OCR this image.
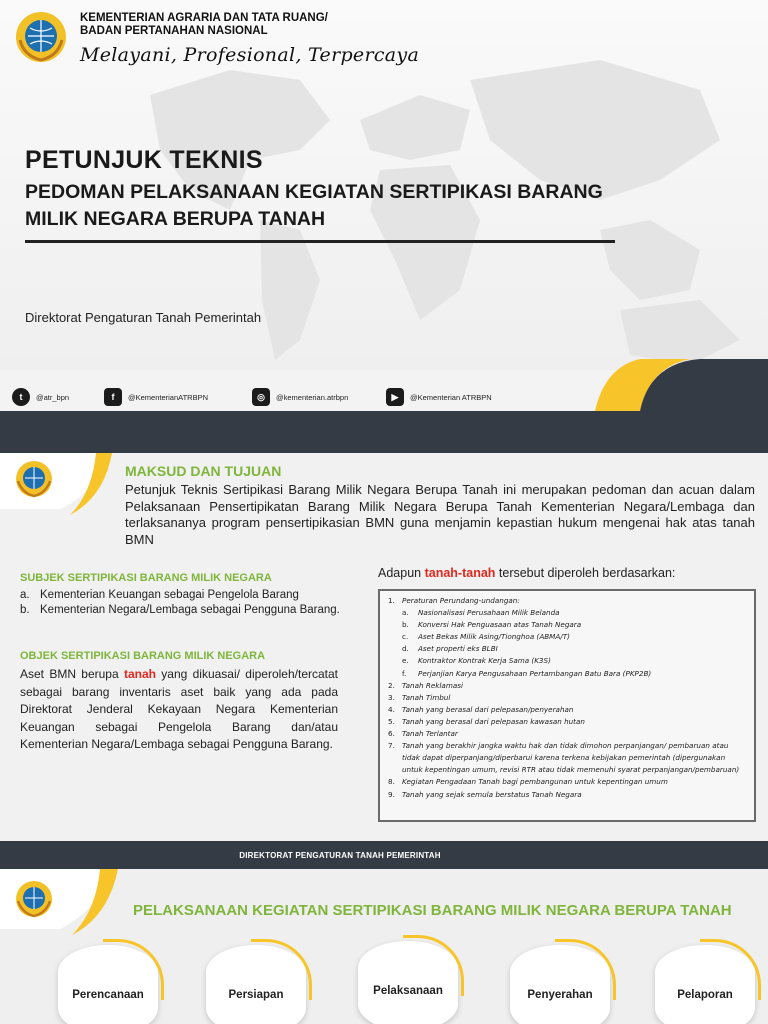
KEMENTERIAN AGRARIA DAN TATA RUANG/
BADAN PERTANAHAN NASIONAL
Melayani, Profesional, Terpercaya
PETUNJUK TEKNIS
PEDOMAN PELAKSANAAN KEGIATAN SERTIPIKASI BARANG
MILIK NEGARA BERUPA TANAH
Direktorat Pengaturan Tanah Pemerintah
t	@atr_bpn	f	@KementerianATRBPN	◎	@kementerian.atrbpn	▶	@Kementerian ATRBPN
MAKSUD DAN TUJUAN
Petunjuk Teknis Sertipikasi Barang Milik Negara Berupa Tanah ini merupakan pedoman dan acuan dalam Pelaksanaan Pensertipikatan Barang Milik Negara Berupa Tanah Kementerian Negara/Lembaga dan terlaksananya program pensertipikasian BMN guna menjamin kepastian hukum mengenai hak atas tanah BMN
SUBJEK SERTIPIKASI BARANG MILIK NEGARA
a. Kementerian Keuangan sebagai Pengelola Barang
b. Kementerian Negara/Lembaga sebagai Pengguna Barang.
OBJEK SERTIPIKASI BARANG MILIK NEGARA
Aset BMN berupa tanah yang dikuasai/ diperoleh/tercatat sebagai barang inventaris aset baik yang ada pada Direktorat Jenderal Kekayaan Negara Kementerian Keuangan sebagai Pengelola Barang dan/atau Kementerian Negara/Lembaga sebagai Pengguna Barang.
Adapun tanah-tanah tersebut diperoleh berdasarkan:
1. Peraturan Perundang-undangan:
a.	Nasionalisasi Perusahaan Milik Belanda
b.	Konversi Hak Penguasaan atas Tanah Negara
c.	Aset Bekas Milik Asing/Tionghoa (ABMA/T)
d.	Aset properti eks BLBI
e.	Kontraktor Kontrak Kerja Sama (K3S)
f.	Perjanjian Karya Pengusahaan Pertambangan Batu Bara (PKP2B)
2. Tanah Reklamasi
3. Tanah Timbul
4. Tanah yang berasal dari pelepasan/penyerahan
5. Tanah yang berasal dari pelepasan kawasan hutan
6. Tanah Terlantar
7. Tanah yang berakhir jangka waktu hak dan tidak dimohon perpanjangan/ pembaruan atau tidak dapat diperpanjang/diperbarui karena terkena kebijakan pemerintah (dipergunakan untuk kepentingan umum, revisi RTR atau tidak memenuhi syarat perpanjangan/pembaruan)
8. Kegiatan Pengadaan Tanah bagi pembangunan untuk kepentingan umum
9. Tanah yang sejak semula berstatus Tanah Negara
DIREKTORAT PENGATURAN TANAH PEMERINTAH
PELAKSANAAN KEGIATAN SERTIPIKASI BARANG MILIK NEGARA BERUPA TANAH
Perencanaan	Persiapan	Pelaksanaan	Penyerahan	Pelaporan
